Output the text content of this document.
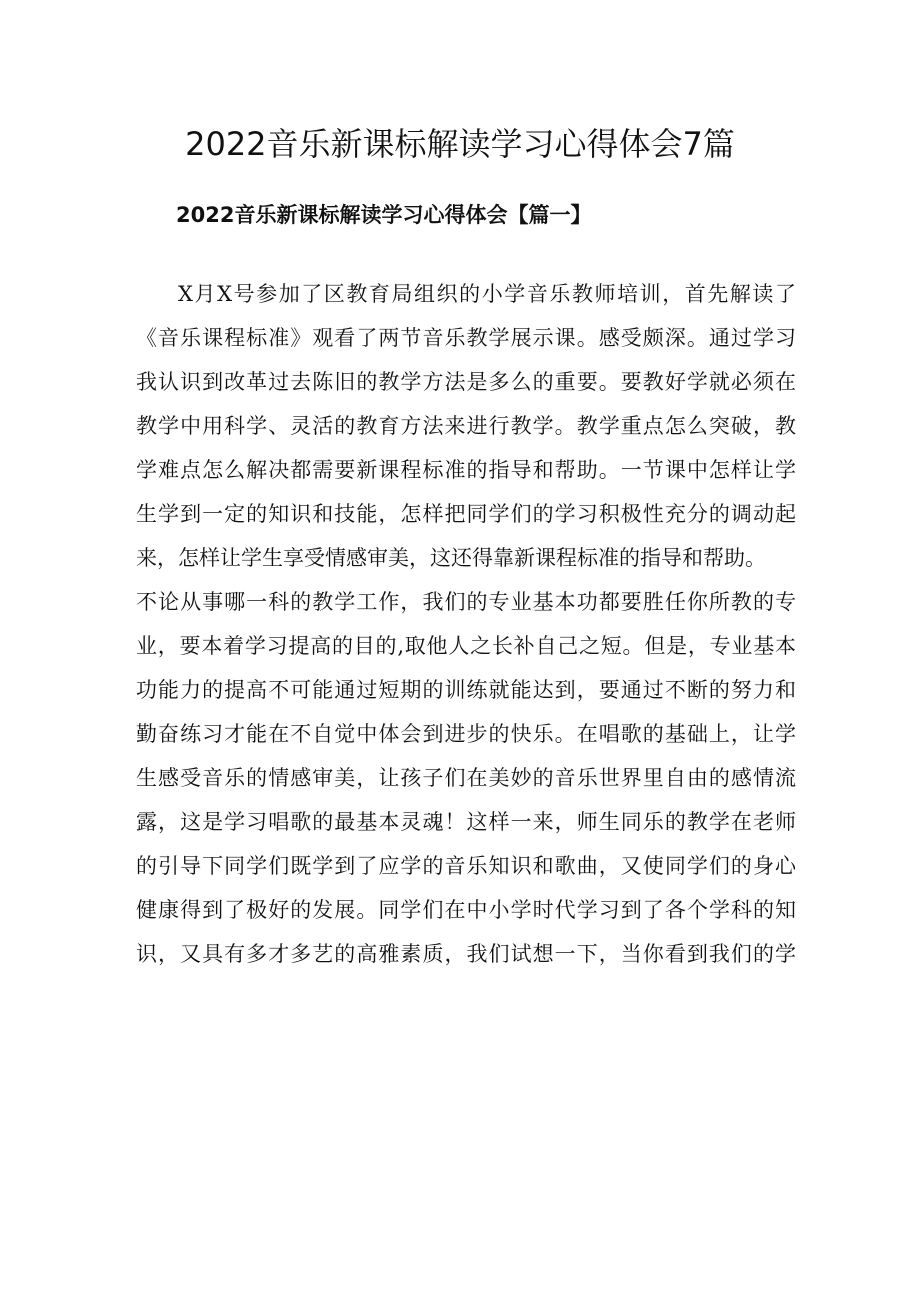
2022音乐新课标解读学习心得体会7篇
2022音乐新课标解读学习心得体会【篇一】
X月X号参加了区教育局组织的小学音乐教师培训，首先解读了
《音乐课程标准》观看了两节音乐教学展示课。感受颇深。通过学习
我认识到改革过去陈旧的教学方法是多么的重要。要教好学就必须在
教学中用科学、灵活的教育方法来进行教学。教学重点怎么突破，教
学难点怎么解决都需要新课程标准的指导和帮助。一节课中怎样让学
生学到一定的知识和技能，怎样把同学们的学习积极性充分的调动起
来，怎样让学生享受情感审美，这还得靠新课程标准的指导和帮助。
不论从事哪一科的教学工作，我们的专业基本功都要胜任你所教的专
业，要本着学习提高的目的,取他人之长补自己之短。但是，专业基本
功能力的提高不可能通过短期的训练就能达到，要通过不断的努力和
勤奋练习才能在不自觉中体会到进步的快乐。在唱歌的基础上，让学
生感受音乐的情感审美，让孩子们在美妙的音乐世界里自由的感情流
露，这是学习唱歌的最基本灵魂！这样一来，师生同乐的教学在老师
的引导下同学们既学到了应学的音乐知识和歌曲，又使同学们的身心
健康得到了极好的发展。同学们在中小学时代学习到了各个学科的知
识，又具有多才多艺的高雅素质，我们试想一下，当你看到我们的学
